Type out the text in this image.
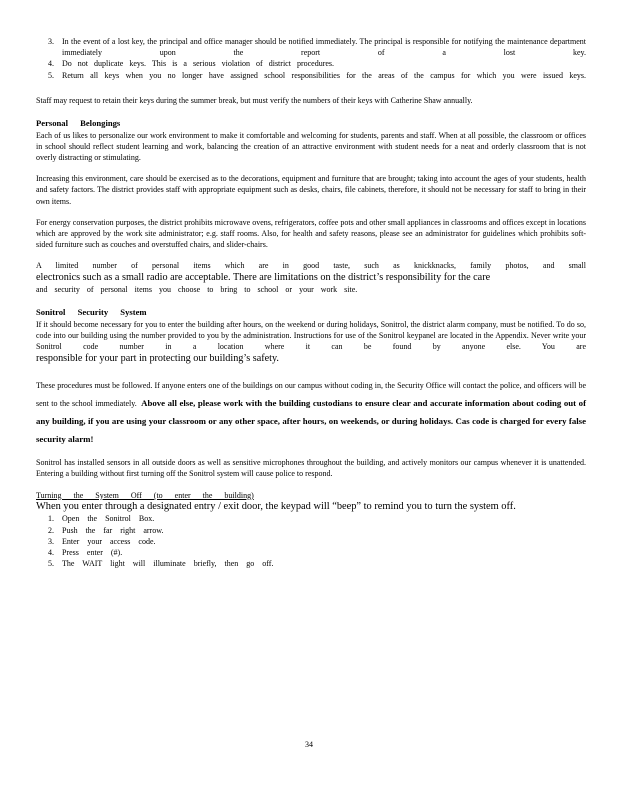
3.	In the event of a lost key, the principal and office manager should be notified immediately. The principal is responsible for notifying the maintenance department immediately upon the report of a lost key.
4.	Do not duplicate keys. This is a serious violation of district procedures.
5.	Return all keys when you no longer have assigned school responsibilities for the areas of the campus for which you were issued keys.

Staff may request to retain their keys during the summer break, but must verify the numbers of their keys with Catherine Shaw annually.

Personal Belongings

Each of us likes to personalize our work environment to make it comfortable and welcoming for students, parents and staff. When at all possible, the classroom or offices in school should reflect student learning and work, balancing the creation of an attractive environment with student needs for a neat and orderly classroom that is not overly distracting or stimulating.

Increasing this environment, care should be exercised as to the decorations, equipment and furniture that are brought; taking into account the ages of your students, health and safety factors. The district provides staff with appropriate equipment such as desks, chairs, file cabinets, therefore, it should not be necessary for staff to bring in their own items.

For energy conservation purposes, the district prohibits microwave ovens, refrigerators, coffee pots and other small appliances in classrooms and offices except in locations which are approved by the work site administrator; e.g. staff rooms. Also, for health and safety reasons, please see an administrator for guidelines which prohibits soft-sided furniture such as couches and overstuffed chairs, and slider-chairs.

A limited number of personal items which are in good taste, such as knickknacks, family photos, and small

electronics such as a small radio are acceptable. There are limitations on the district’s responsibility for the care

and security of personal items you choose to bring to school or your work site.

Sonitrol Security System

If it should become necessary for you to enter the building after hours, on the weekend or during holidays, Sonitrol, the district alarm company, must be notified. To do so, code into our building using the number provided to you by the administration. Instructions for use of the Sonitrol keypanel are located in the Appendix. Never write your Sonitrol code number in a location where it can be found by anyone else. You are

responsible for your part in protecting our building’s safety.

These procedures must be followed. If anyone enters one of the buildings on our campus without coding in, the Security Office will contact the police, and officers will be sent to the school immediately. Above all else, please work with the building custodians to ensure clear and accurate information about coding out of any building, if you are using your classroom or any other space, after hours, on weekends, or during holidays. Cas code is charged for every false security alarm!

Sonitrol has installed sensors in all outside doors as well as sensitive microphones throughout the building, and actively monitors our campus whenever it is unattended. Entering a building without first turning off the Sonitrol system will cause police to respond.

Turning the System Off (to enter the building)

When you enter through a designated entry / exit door, the keypad will “beep” to remind you to turn the system off.

1.	Open the Sonitrol Box.
2.	Push the far right arrow.
3.	Enter your access code.
4.	Press enter (#).
5.	The WAIT light will illuminate briefly, then go off.
34
